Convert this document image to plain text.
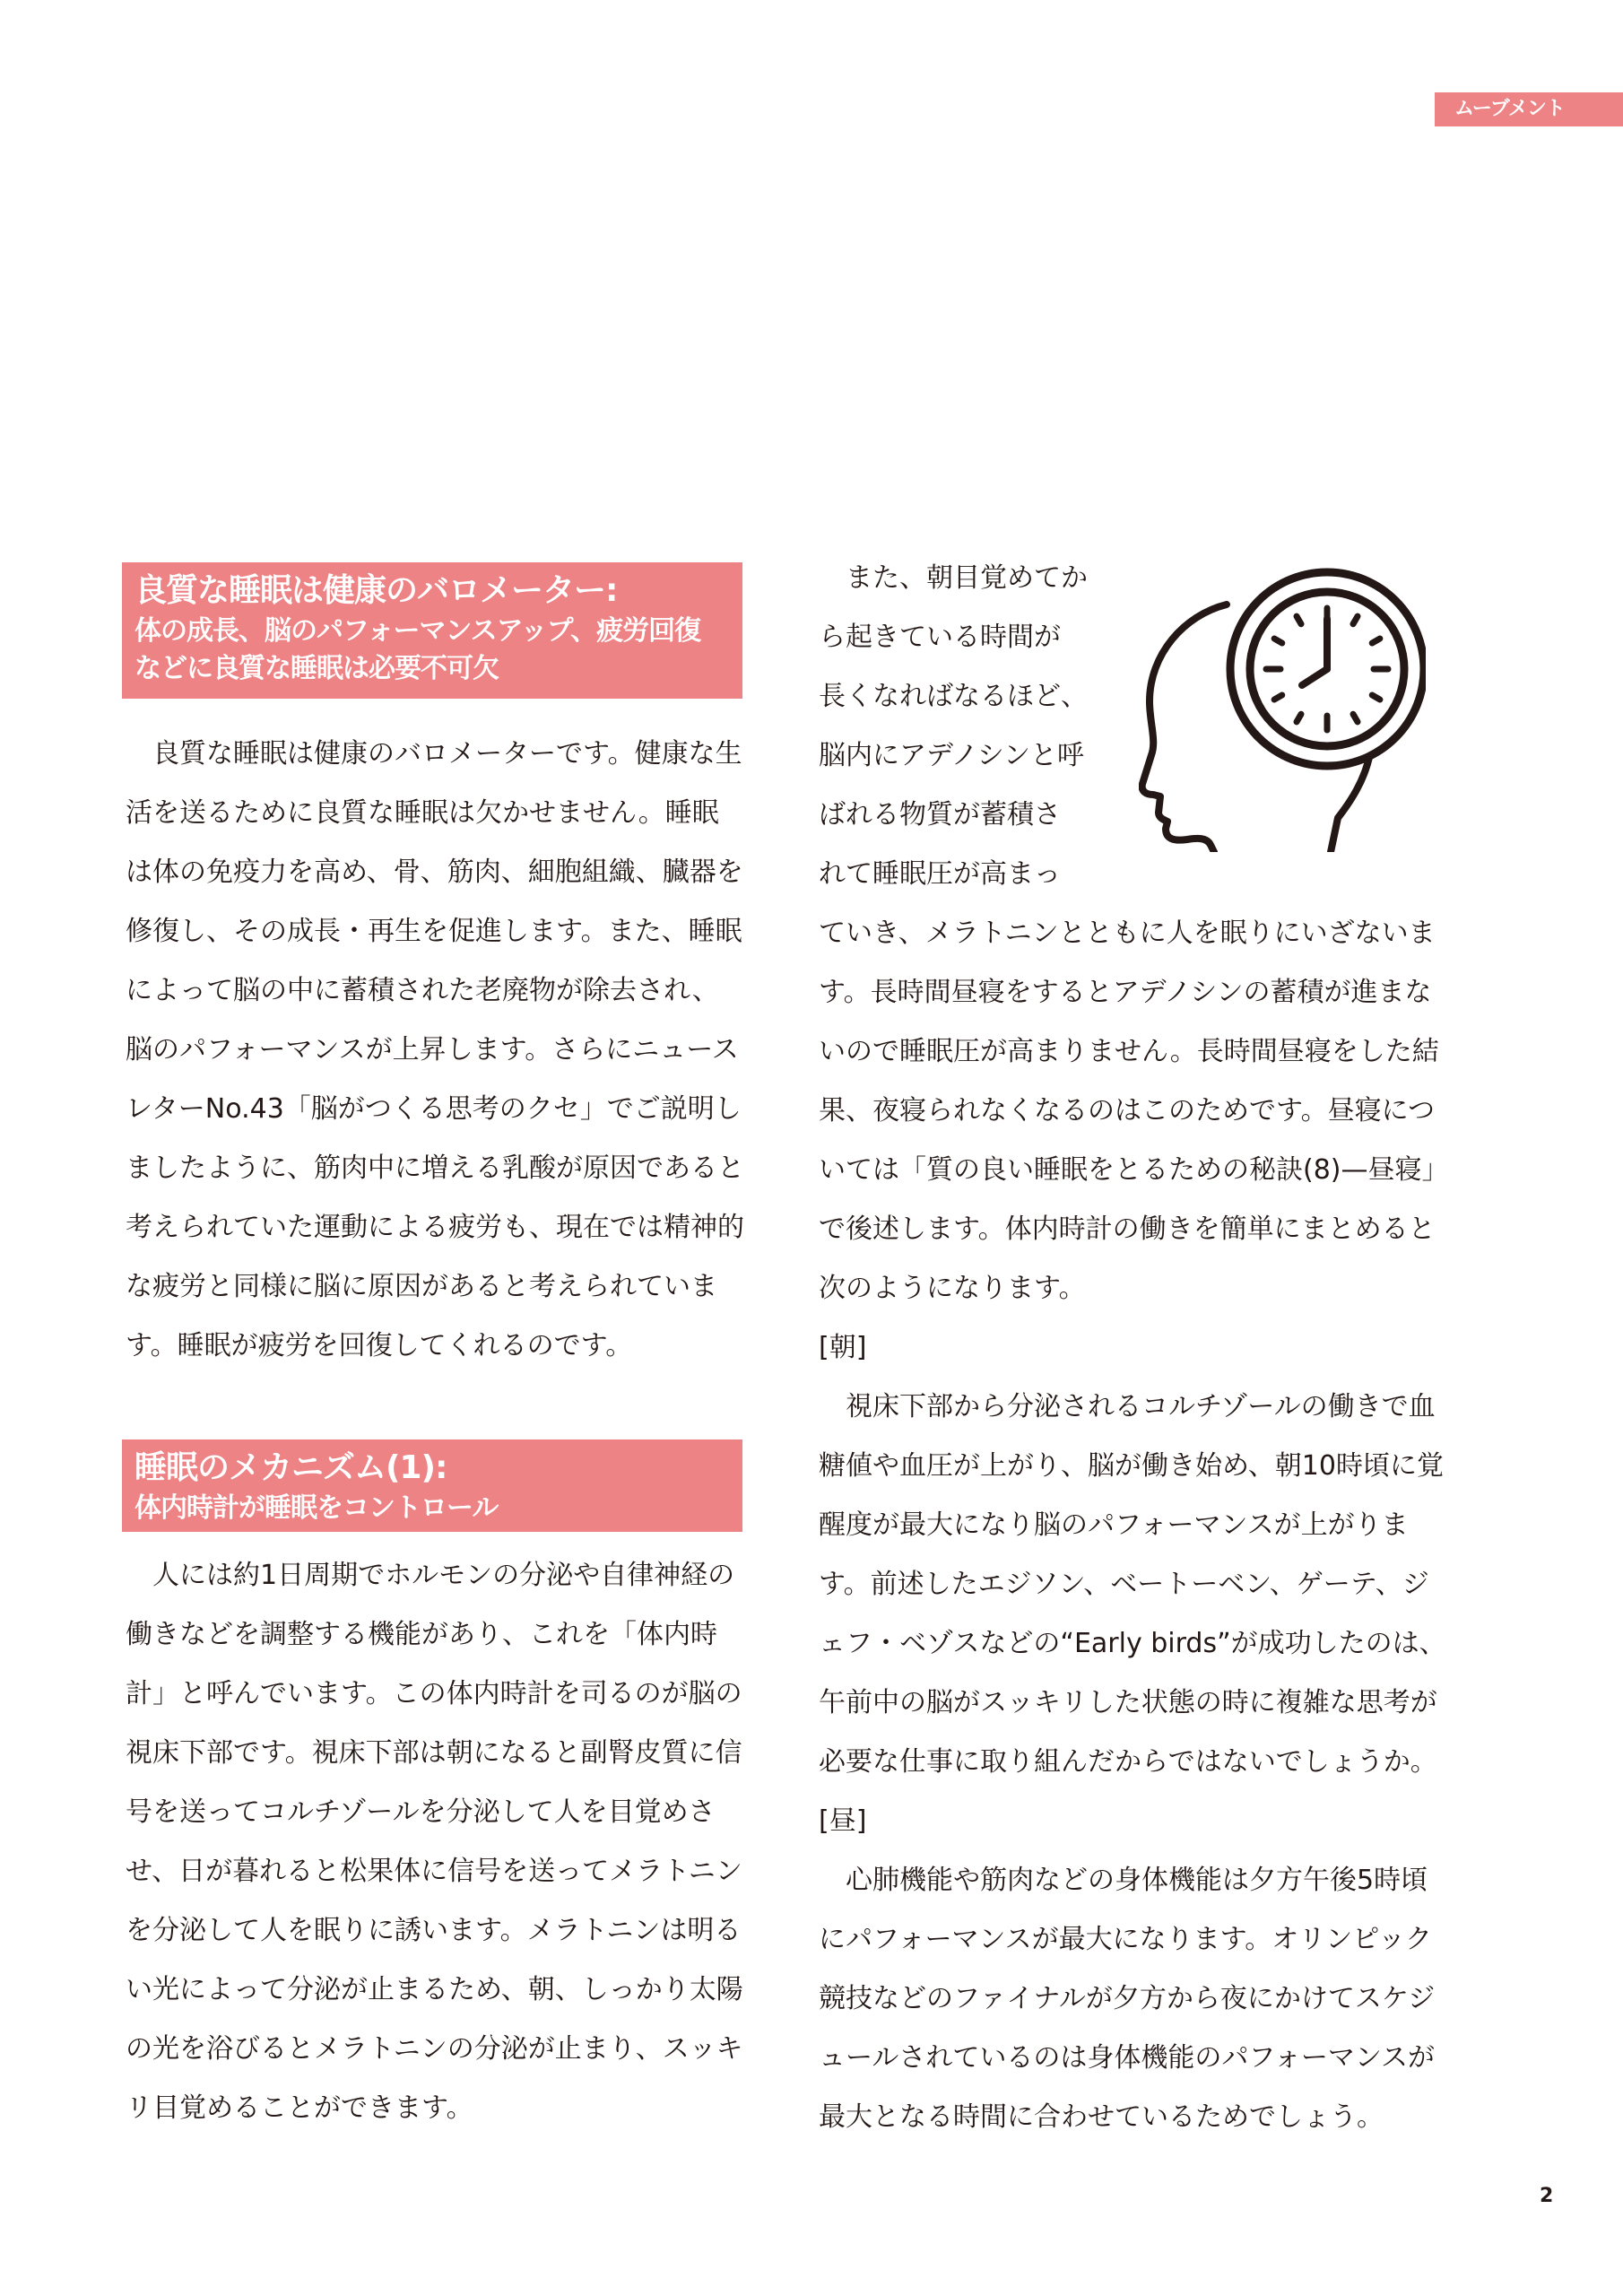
ムーブメント
良質な睡眠は健康のバロメーター:
体の成長、脳のパフォーマンスアップ、疲労回復
などに良質な睡眠は必要不可欠

良質な睡眠は健康のバロメーターです。健康な生活を送るために良質な睡眠は欠かせません。睡眠は体の免疫力を高め、骨、筋肉、細胞組織、臓器を修復し、その成長・再生を促進します。また、睡眠によって脳の中に蓄積された老廃物が除去され、脳のパフォーマンスが上昇します。さらにニュースレターNo.43「脳がつくる思考のクセ」でご説明しましたように、筋肉中に増える乳酸が原因であると考えられていた運動による疲労も、現在では精神的な疲労と同様に脳に原因があると考えられています。睡眠が疲労を回復してくれるのです。

睡眠のメカニズム(1):
体内時計が睡眠をコントロール

人には約1日周期でホルモンの分泌や自律神経の働きなどを調整する機能があり、これを「体内時計」と呼んでいます。この体内時計を司るのが脳の視床下部です。視床下部は朝になると副腎皮質に信号を送ってコルチゾールを分泌して人を目覚めさせ、日が暮れると松果体に信号を送ってメラトニンを分泌して人を眠りに誘います。メラトニンは明るい光によって分泌が止まるため、朝、しっかり太陽の光を浴びるとメラトニンの分泌が止まり、スッキリ目覚めることができます。

また、朝目覚めてか

ら起きている時間が

長くなればなるほど、

脳内にアデノシンと呼

ばれる物質が蓄積さ

れて睡眠圧が高まっ

ていき、メラトニンとともに人を眠りにいざないます。長時間昼寝をするとアデノシンの蓄積が進まないので睡眠圧が高まりません。長時間昼寝をした結果、夜寝られなくなるのはこのためです。昼寝については「質の良い睡眠をとるための秘訣(8)—昼寝」で後述します。体内時計の働きを簡単にまとめると次のようになります。

[朝]

視床下部から分泌されるコルチゾールの働きで血糖値や血圧が上がり、脳が働き始め、朝10時頃に覚醒度が最大になり脳のパフォーマンスが上がります。前述したエジソン、ベートーベン、ゲーテ、ジェフ・ベゾスなどの“Early birds”が成功したのは、午前中の脳がスッキリした状態の時に複雑な思考が必要な仕事に取り組んだからではないでしょうか。

[昼]

心肺機能や筋肉などの身体機能は夕方午後5時頃にパフォーマンスが最大になります。オリンピック競技などのファイナルが夕方から夜にかけてスケジュールされているのは身体機能のパフォーマンスが最大となる時間に合わせているためでしょう。

2
